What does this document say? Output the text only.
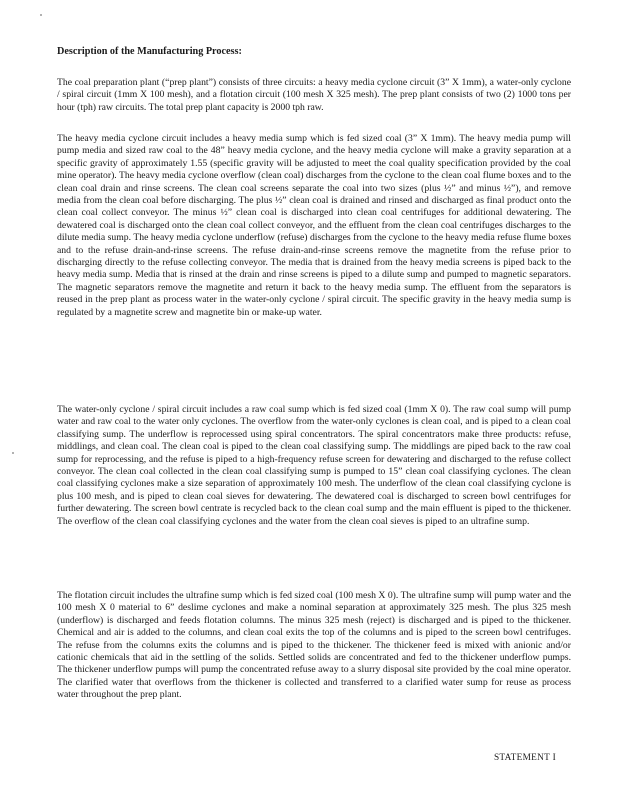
Description of the Manufacturing Process:

The coal preparation plant (“prep plant”) consists of three circuits: a heavy media cyclone circuit (3” X 1mm), a water-only cyclone / spiral circuit (1mm X 100 mesh), and a flotation circuit (100 mesh X 325 mesh). The prep plant consists of two (2) 1000 tons per hour (tph) raw circuits. The total prep plant capacity is 2000 tph raw.

The heavy media cyclone circuit includes a heavy media sump which is fed sized coal (3” X 1mm). The heavy media pump will pump media and sized raw coal to the 48” heavy media cyclone, and the heavy media cyclone will make a gravity separation at a specific gravity of approximately 1.55 (specific gravity will be adjusted to meet the coal quality specification provided by the coal mine operator). The heavy media cyclone overflow (clean coal) discharges from the cyclone to the clean coal flume boxes and to the clean coal drain and rinse screens. The clean coal screens separate the coal into two sizes (plus ½” and minus ½”), and remove media from the clean coal before discharging. The plus ½” clean coal is drained and rinsed and discharged as final product onto the clean coal collect conveyor. The minus ½” clean coal is discharged into clean coal centrifuges for additional dewatering. The dewatered coal is discharged onto the clean coal collect conveyor, and the effluent from the clean coal centrifuges discharges to the dilute media sump. The heavy media cyclone underflow (refuse) discharges from the cyclone to the heavy media refuse flume boxes and to the refuse drain-and-rinse screens. The refuse drain-and-rinse screens remove the magnetite from the refuse prior to discharging directly to the refuse collecting conveyor. The media that is drained from the heavy media screens is piped back to the heavy media sump. Media that is rinsed at the drain and rinse screens is piped to a dilute sump and pumped to magnetic separators. The magnetic separators remove the magnetite and return it back to the heavy media sump. The effluent from the separators is reused in the prep plant as process water in the water-only cyclone / spiral circuit. The specific gravity in the heavy media sump is regulated by a magnetite screw and magnetite bin or make-up water.

The water-only cyclone / spiral circuit includes a raw coal sump which is fed sized coal (1mm X 0). The raw coal sump will pump water and raw coal to the water only cyclones. The overflow from the water-only cyclones is clean coal, and is piped to a clean coal classifying sump. The underflow is reprocessed using spiral concentrators. The spiral concentrators make three products: refuse, middlings, and clean coal. The clean coal is piped to the clean coal classifying sump. The middlings are piped back to the raw coal sump for reprocessing, and the refuse is piped to a high-frequency refuse screen for dewatering and discharged to the refuse collect conveyor. The clean coal collected in the clean coal classifying sump is pumped to 15” clean coal classifying cyclones. The clean coal classifying cyclones make a size separation of approximately 100 mesh. The underflow of the clean coal classifying cyclone is plus 100 mesh, and is piped to clean coal sieves for dewatering. The dewatered coal is discharged to screen bowl centrifuges for further dewatering. The screen bowl centrate is recycled back to the clean coal sump and the main effluent is piped to the thickener. The overflow of the clean coal classifying cyclones and the water from the clean coal sieves is piped to an ultrafine sump.

The flotation circuit includes the ultrafine sump which is fed sized coal (100 mesh X 0). The ultrafine sump will pump water and the 100 mesh X 0 material to 6” deslime cyclones and make a nominal separation at approximately 325 mesh. The plus 325 mesh (underflow) is discharged and feeds flotation columns. The minus 325 mesh (reject) is discharged and is piped to the thickener. Chemical and air is added to the columns, and clean coal exits the top of the columns and is piped to the screen bowl centrifuges. The refuse from the columns exits the columns and is piped to the thickener. The thickener feed is mixed with anionic and/or cationic chemicals that aid in the settling of the solids. Settled solids are concentrated and fed to the thickener underflow pumps. The thickener underflow pumps will pump the concentrated refuse away to a slurry disposal site provided by the coal mine operator. The clarified water that overflows from the thickener is collected and transferred to a clarified water sump for reuse as process water throughout the prep plant.

STATEMENT I
